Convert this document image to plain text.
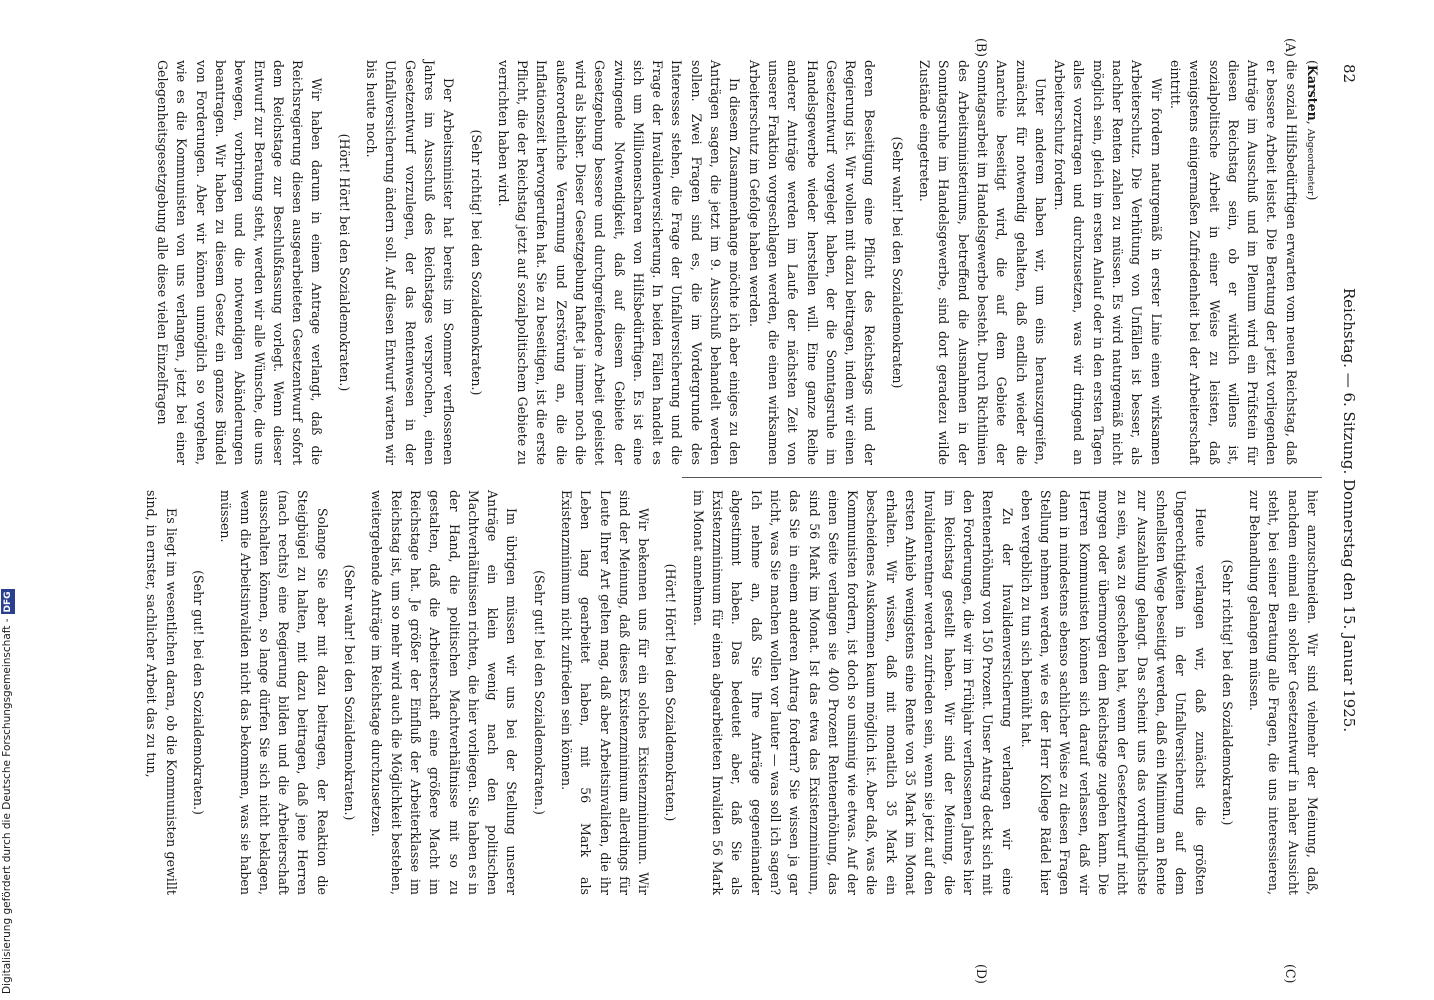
82
Reichstag. — 6. Sitzung. Donnerstag den 15. Januar 1925.
(A)
(B)
(C)
(D)

(Karsten, Abgeordneter)

die sozial Hilfsbedürftigen erwarten vom neuen Reichstag, daß er bessere Arbeit leistet. Die Beratung der jetzt vorliegenden Anträge im Ausschuß und im Plenum wird ein Prüfstein für diesen Reichstag sein, ob er wirklich willens ist, sozialpolitische Arbeit in einer Weise zu leisten, daß wenigstens einigermaßen Zufriedenheit bei der Arbeiterschaft eintritt.

Wir fordern naturgemäß in erster Linie einen wirksamen Arbeiterschutz. Die Verhütung von Unfällen ist besser, als nachher Renten zahlen zu müssen. Es wird naturgemäß nicht möglich sein, gleich im ersten Anlauf oder in den ersten Tagen alles vorzutragen und durchzusetzen, was wir dringend an Arbeiterschutz fordern.

Unter anderem haben wir, um eins herauszugreifen, zunächst für notwendig gehalten, daß endlich wieder die Anarchie beseitigt wird, die auf dem Gebiete der Sonntagsarbeit im Handelsgewerbe besteht. Durch Richtlinien des Arbeitsministeriums, betreffend die Ausnahmen in der Sonntagsruhe im Handelsgewerbe, sind dort geradezu wilde Zustände eingetreten.

(Sehr wahr! bei den Sozialdemokraten)

deren Beseitigung eine Pflicht des Reichstags und der Regierung ist. Wir wollen mit dazu beitragen, indem wir einen Gesetzentwurf vorgelegt haben, der die Sonntagsruhe im Handelsgewerbe wieder herstellen will. Eine ganze Reihe anderer Anträge werden im Laufe der nächsten Zeit von unserer Fraktion vorgeschlagen werden, die einen wirksamen Arbeiterschutz im Gefolge haben werden.

In diesem Zusammenhange möchte ich aber einiges zu den Anträgen sagen, die jetzt im 9. Ausschuß behandelt werden sollen. Zwei Fragen sind es, die im Vordergrunde des Interesses stehen, die Frage der Unfallversicherung und die Frage der Invalidenversicherung. In beiden Fällen handelt es sich um Millionenscharen von Hilfsbedürftigen. Es ist eine zwingende Notwendigkeit, daß auf diesem Gebiete der Gesetzgebung bessere und durchgreifendere Arbeit geleistet wird als bisher. Dieser Gesetzgebung haftet ja immer noch die außerordentliche Verarmung und Zerstörung an, die die Inflationszeit hervorgerufen hat. Sie zu beseitigen, ist die erste Pflicht, die der Reichstag jetzt auf sozialpolitischem Gebiete zu verrichten haben wird.

(Sehr richtig! bei den Sozialdemokraten.)

Der Arbeitsminister hat bereits im Sommer verflossenen Jahres im Ausschuß des Reichstages versprochen, einen Gesetzentwurf vorzulegen, der das Rentenwesen in der Unfallversicherung ändern soll. Auf diesen Entwurf warten wir bis heute noch.

(Hört! Hört! bei den Sozialdemokraten.)

Wir haben darum in einem Antrage verlangt, daß die Reichsregierung diesen ausgearbeiteten Gesetzentwurf sofort dem Reichstage zur Beschlußfassung vorlegt. Wenn dieser Entwurf zur Beratung steht, werden wir alle Wünsche, die uns bewegen, vorbringen und die notwendigen Abänderungen beantragen. Wir haben zu diesem Gesetz ein ganzes Bündel von Forderungen. Aber wir können unmöglich so vorgehen, wie es die Kommunisten von uns verlangen, jetzt bei einer Gelegenheitsgesetzgebung alle diese vielen Einzelfragen

hier anzuschneiden. Wir sind vielmehr der Meinung, daß, nachdem einmal ein solcher Gesetzentwurf in naher Aussicht steht, bei seiner Beratung alle Fragen, die uns interessieren, zur Behandlung gelangen müssen.

(Sehr richtig! bei den Sozialdemokraten.)

Heute verlangen wir, daß zunächst die größten Ungerechtigkeiten in der Unfallversicherung auf dem schnellsten Wege beseitigt werden, daß ein Minimum an Rente zur Auszahlung gelangt. Das scheint uns das vordringlichste zu sein, was zu geschehen hat, wenn der Gesetzentwurf nicht morgen oder übermorgen dem Reichstage zugehen kann. Die Herren Kommunisten können sich darauf verlassen, daß wir dann in mindestens ebenso sachlicher Weise zu diesen Fragen Stellung nehmen werden, wie es der Herr Kollege Rädel hier eben vergeblich zu tun sich bemüht hat.

Zu der Invalidenversicherung verlangen wir eine Rentenerhöhung von 150 Prozent. Unser Antrag deckt sich mit den Forderungen, die wir im Frühjahr verflossenen Jahres hier im Reichstag gestellt haben. Wir sind der Meinung, die Invalidenrentner werden zufrieden sein, wenn sie jetzt auf den ersten Anhieb wenigstens eine Rente von 35 Mark im Monat erhalten. Wir wissen, daß mit monatlich 35 Mark ein bescheidenes Auskommen kaum möglich ist. Aber daß, was die Kommunisten fordern, ist doch so unsinnig wie etwas. Auf der einen Seite verlangen sie 400 Prozent Rentenerhöhung, das sind 56 Mark im Monat. Ist das etwa das Existenzminimum, das Sie in einem anderen Antrag fordern? Sie wissen ja gar nicht, was Sie machen wollen vor lauter — was soll ich sagen? Ich nehme an, daß Sie Ihre Anträge gegeneinander abgestimmt haben. Das bedeutet aber, daß Sie als Existenzminimum für einen abgearbeiteten Invaliden 56 Mark im Monat annehmen.

(Hört! Hört! bei den Sozialdemokraten.)

Wir bekennen uns für ein solches Existenzminimum. Wir sind der Meinung, daß dieses Existenzminimum allerdings für Leute Ihrer Art gelten mag, daß aber Arbeitsinvaliden, die ihr Leben lang gearbeitet haben, mit 56 Mark als Existenzminimum nicht zufrieden sein können.

(Sehr gut! bei den Sozialdemokraten.)

Im übrigen müssen wir uns bei der Stellung unserer Anträge ein klein wenig nach den politischen Machtverhältnissen richten, die hier vorliegen. Sie haben es in der Hand, die politischen Machtverhältnisse mit so zu gestalten, daß die Arbeiterschaft eine größere Macht im Reichstage hat. Je größer der Einfluß der Arbeiterklasse im Reichstag ist, um so mehr wird auch die Möglichkeit bestehen, weitergehende Anträge im Reichstage durchzusetzen.

(Sehr wahr! bei den Sozialdemokraten.)

Solange Sie aber mit dazu beitragen, der Reaktion die Steigbügel zu halten, mit dazu beitragen, daß jene Herren (nach rechts) eine Regierung bilden und die Arbeiterschaft ausschalten können, so lange dürfen Sie sich nicht beklagen, wenn die Arbeitsinvaliden nicht das bekommen, was sie haben müssen.

(Sehr gut! bei den Sozialdemokraten.)

Es liegt im wesentlichen daran, ob die Kommunisten gewillt sind, in ernster, sachlicher Arbeit das zu tun,

Digitalisierung gefördert durch die Deutsche Forschungsgemeinschaft -DFG
